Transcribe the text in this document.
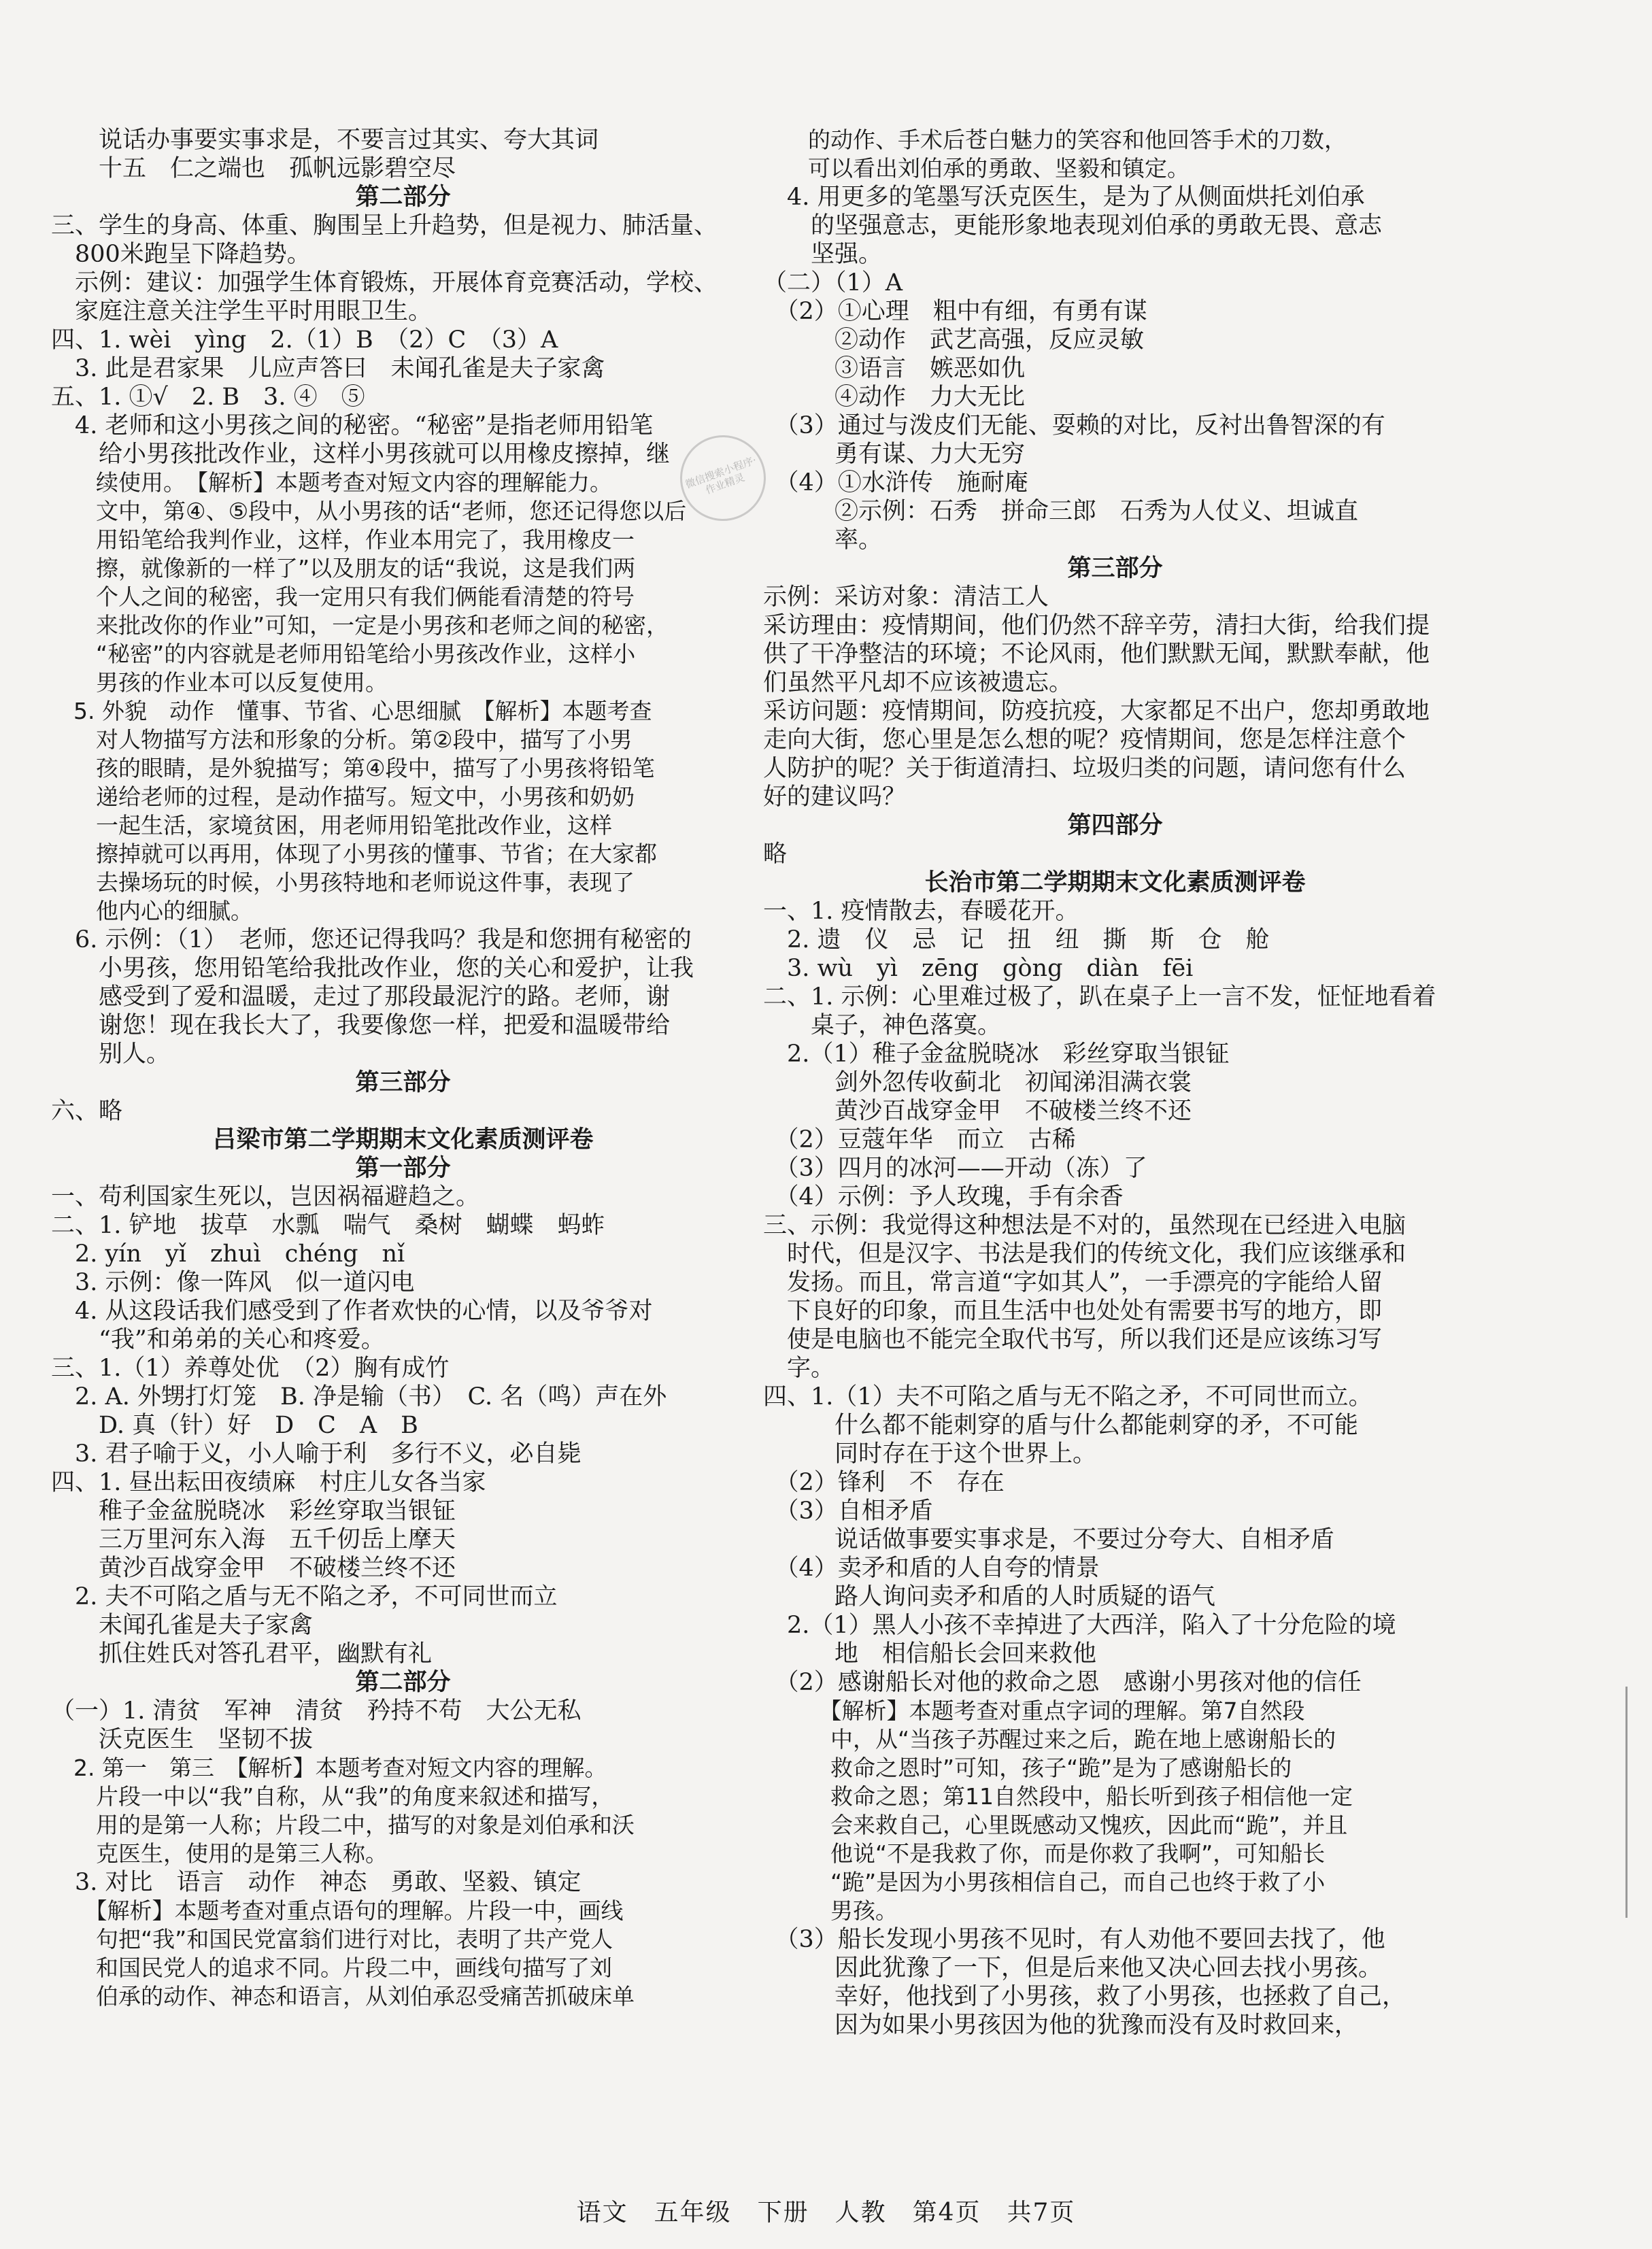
　　说话办事要实事求是，不要言过其实、夸大其词
　　十五　仁之端也　孤帆远影碧空尽
第二部分
三、学生的身高、体重、胸围呈上升趋势，但是视力、肺活量、
　800米跑呈下降趋势。
　示例：建议：加强学生体育锻炼，开展体育竞赛活动，学校、
　家庭注意关注学生平时用眼卫生。
四、1. wèi　yìng　2.（1）B　（2）C　（3）A
　3. 此是君家果　儿应声答曰　未闻孔雀是夫子家禽
五、1. ①√　2. B　3. ④　⑤
　4. 老师和这小男孩之间的秘密。“秘密”是指老师用铅笔
　　给小男孩批改作业，这样小男孩就可以用橡皮擦掉，继
　　续使用。　【解析】本题考查对短文内容的理解能力。
　　文中，第④、⑤段中，从小男孩的话“老师，您还记得您以后
　　用铅笔给我判作业，这样，作业本用完了，我用橡皮一
　　擦，就像新的一样了”以及朋友的话“我说，这是我们两
　　个人之间的秘密，我一定用只有我们俩能看清楚的符号
　　来批改你的作业”可知，一定是小男孩和老师之间的秘密，
　　“秘密”的内容就是老师用铅笔给小男孩改作业，这样小
　　男孩的作业本可以反复使用。
　5. 外貌　动作　懂事、节省、心思细腻　【解析】本题考查
　　对人物描写方法和形象的分析。第②段中，描写了小男
　　孩的眼睛，是外貌描写；第④段中，描写了小男孩将铅笔
　　递给老师的过程，是动作描写。短文中，小男孩和奶奶
　　一起生活，家境贫困，用老师用铅笔批改作业，这样
　　擦掉就可以再用，体现了小男孩的懂事、节省；在大家都
　　去操场玩的时候，小男孩特地和老师说这件事，表现了
　　他内心的细腻。
　6. 示例：（1）　老师，您还记得我吗？我是和您拥有秘密的
　　小男孩，您用铅笔给我批改作业，您的关心和爱护，让我
　　感受到了爱和温暖，走过了那段最泥泞的路。老师，谢
　　谢您！现在我长大了，我要像您一样，把爱和温暖带给
　　别人。
第三部分
六、略
吕梁市第二学期期末文化素质测评卷
第一部分
一、苟利国家生死以，岂因祸福避趋之。
二、1. 铲地　拔草　水瓢　喘气　桑树　蝴蝶　蚂蚱
　2. yín　yǐ　zhuì　chéng　nǐ
　3. 示例：像一阵风　似一道闪电
　4. 从这段话我们感受到了作者欢快的心情，以及爷爷对
　　“我”和弟弟的关心和疼爱。
三、1.（1）养尊处优　（2）胸有成竹
　2. A. 外甥打灯笼　B. 净是输（书）　C. 名（鸣）声在外
　　D. 真（针）好　D　C　A　B
　3. 君子喻于义，小人喻于利　多行不义，必自毙
四、1. 昼出耘田夜绩麻　村庄儿女各当家
　　稚子金盆脱晓冰　彩丝穿取当银钲
　　三万里河东入海　五千仞岳上摩天
　　黄沙百战穿金甲　不破楼兰终不还
　2. 夫不可陷之盾与无不陷之矛，不可同世而立
　　未闻孔雀是夫子家禽
　　抓住姓氏对答孔君平，幽默有礼
第二部分
（一）1. 清贫　军神　清贫　矜持不苟　大公无私
　　沃克医生　坚韧不拔
　2. 第一　第三　【解析】本题考查对短文内容的理解。
　　片段一中以“我”自称，从“我”的角度来叙述和描写，
　　用的是第一人称；片段二中，描写的对象是刘伯承和沃
　　克医生，使用的是第三人称。
　3. 对比　语言　动作　神态　勇敢、坚毅、镇定
　　【解析】本题考查对重点语句的理解。片段一中，画线
　　句把“我”和国民党富翁们进行对比，表明了共产党人
　　和国民党人的追求不同。片段二中，画线句描写了刘
　　伯承的动作、神态和语言，从刘伯承忍受痛苦抓破床单
　　的动作、手术后苍白魅力的笑容和他回答手术的刀数，
　　可以看出刘伯承的勇敢、坚毅和镇定。
　4. 用更多的笔墨写沃克医生，是为了从侧面烘托刘伯承
　　的坚强意志，更能形象地表现刘伯承的勇敢无畏、意志
　　坚强。
（二）（1）A
　（2）①心理　粗中有细，有勇有谋
　　　②动作　武艺高强，反应灵敏
　　　③语言　嫉恶如仇
　　　④动作　力大无比
　（3）通过与泼皮们无能、耍赖的对比，反衬出鲁智深的有
　　　勇有谋、力大无穷
　（4）①水浒传　施耐庵
　　　②示例：石秀　拼命三郎　石秀为人仗义、坦诚直
　　　率。
第三部分
示例：采访对象：清洁工人
采访理由：疫情期间，他们仍然不辞辛劳，清扫大街，给我们提
供了干净整洁的环境；不论风雨，他们默默无闻，默默奉献，他
们虽然平凡却不应该被遗忘。
采访问题：疫情期间，防疫抗疫，大家都足不出户，您却勇敢地
走向大街，您心里是怎么想的呢？疫情期间，您是怎样注意个
人防护的呢？关于街道清扫、垃圾归类的问题，请问您有什么
好的建议吗？
第四部分
略
长治市第二学期期末文化素质测评卷
一、1. 疫情散去，春暖花开。
　2. 遗　仪　忌　记　扭　纽　撕　斯　仓　舱
　3. wù　yì　zēng　gòng　diàn　fēi
二、1. 示例：心里难过极了，趴在桌子上一言不发，怔怔地看着
　　桌子，神色落寞。
　2.（1）稚子金盆脱晓冰　彩丝穿取当银钲
　　　剑外忽传收蓟北　初闻涕泪满衣裳
　　　黄沙百战穿金甲　不破楼兰终不还
　（2）豆蔻年华　而立　古稀
　（3）四月的冰河——开动（冻）了
　（4）示例：予人玫瑰，手有余香
三、示例：我觉得这种想法是不对的，虽然现在已经进入电脑
　时代，但是汉字、书法是我们的传统文化，我们应该继承和
　发扬。而且，常言道“字如其人”，一手漂亮的字能给人留
　下良好的印象，而且生活中也处处有需要书写的地方，即
　使是电脑也不能完全取代书写，所以我们还是应该练习写
　字。
四、1.（1）夫不可陷之盾与无不陷之矛，不可同世而立。
　　　什么都不能刺穿的盾与什么都能刺穿的矛，不可能
　　　同时存在于这个世界上。
　（2）锋利　不　存在
　（3）自相矛盾
　　　说话做事要实事求是，不要过分夸大、自相矛盾
　（4）卖矛和盾的人自夸的情景
　　　路人询问卖矛和盾的人时质疑的语气
　2.（1）黑人小孩不幸掉进了大西洋，陷入了十分危险的境
　　　地　相信船长会回来救他
　（2）感谢船长对他的救命之恩　感谢小男孩对他的信任
　　　【解析】本题考查对重点字词的理解。第7自然段
　　　中，从“当孩子苏醒过来之后，跪在地上感谢船长的
　　　救命之恩时”可知，孩子“跪”是为了感谢船长的
　　　救命之恩；第11自然段中，船长听到孩子相信他一定
　　　会来救自己，心里既感动又愧疚，因此而“跪”，并且
　　　他说“不是我救了你，而是你救了我啊”，可知船长
　　　“跪”是因为小男孩相信自己，而自己也终于救了小
　　　男孩。
　（3）船长发现小男孩不见时，有人劝他不要回去找了，他
　　　因此犹豫了一下，但是后来他又决心回去找小男孩。
　　　幸好，他找到了小男孩，救了小男孩，也拯救了自己，
　　　因为如果小男孩因为他的犹豫而没有及时救回来，
微信搜索小程序·作业精灵
语文　五年级　下册　人教　第4页　共7页
